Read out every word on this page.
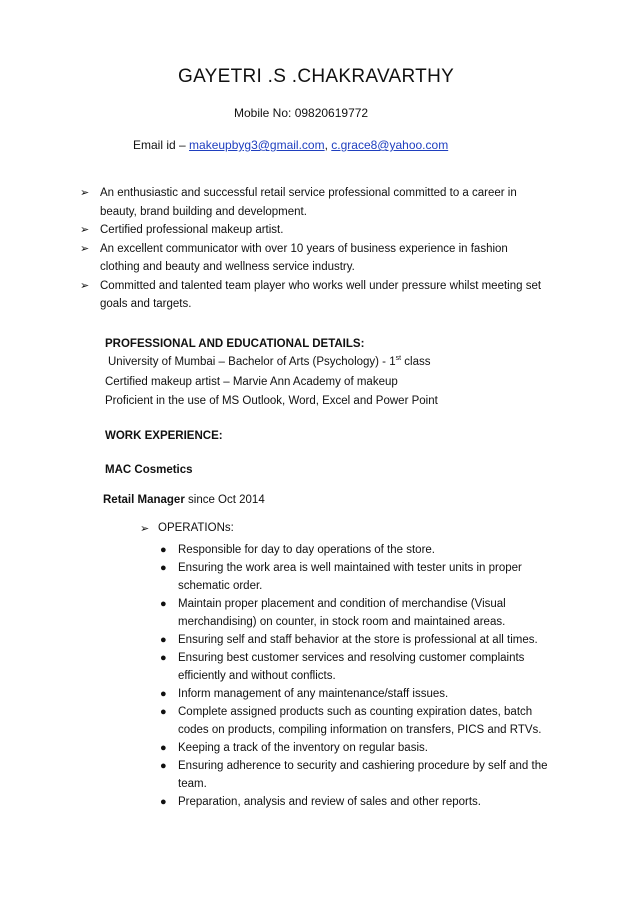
GAYETRI .S .CHAKRAVARTHY
Mobile No: 09820619772
Email id – makeupbyg3@gmail.com, c.grace8@yahoo.com
➢ An enthusiastic and successful retail service professional committed to a career in
beauty, brand building and development.
➢ Certified professional makeup artist.
➢ An excellent communicator with over 10 years of business experience in fashion
clothing and beauty and wellness service industry.
➢ Committed and talented team player who works well under pressure whilst meeting set
goals and targets.
PROFESSIONAL AND EDUCATIONAL DETAILS:
University of Mumbai – Bachelor of Arts (Psychology) - 1st class
Certified makeup artist – Marvie Ann Academy of makeup
Proficient in the use of MS Outlook, Word, Excel and Power Point
WORK EXPERIENCE:
MAC Cosmetics
Retail Manager since Oct 2014
➢ OPERATIONs:
● Responsible for day to day operations of the store.
● Ensuring the work area is well maintained with tester units in proper
schematic order.
● Maintain proper placement and condition of merchandise (Visual
merchandising) on counter, in stock room and maintained areas.
● Ensuring self and staff behavior at the store is professional at all times.
● Ensuring best customer services and resolving customer complaints
efficiently and without conflicts.
● Inform management of any maintenance/staff issues.
● Complete assigned products such as counting expiration dates, batch
codes on products, compiling information on transfers, PICS and RTVs.
● Keeping a track of the inventory on regular basis.
● Ensuring adherence to security and cashiering procedure by self and the
team.
● Preparation, analysis and review of sales and other reports.
